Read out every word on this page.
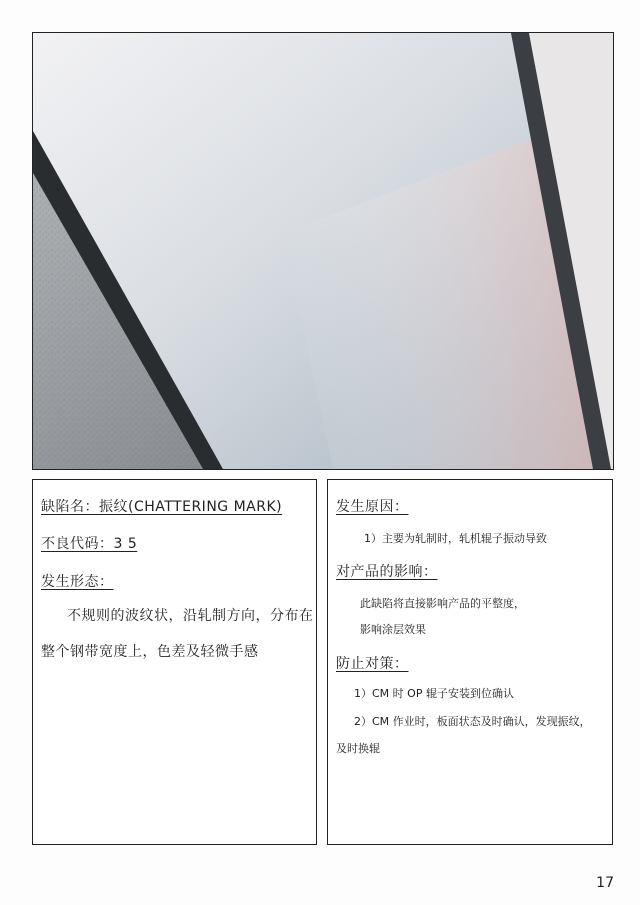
缺陷名：振纹(CHATTERING MARK)
不良代码：3 5
发生形态：
不规则的波纹状，沿轧制方向，分布在
整个钢带宽度上，色差及轻微手感
发生原因：
1）主要为轧制时，轧机辊子振动导致
对产品的影响：
此缺陷将直接影响产品的平整度，
影响涂层效果
防止对策：
1）CM 时 OP 辊子安装到位确认
2）CM 作业时，板面状态及时确认，发现振纹，
及时换辊
17
